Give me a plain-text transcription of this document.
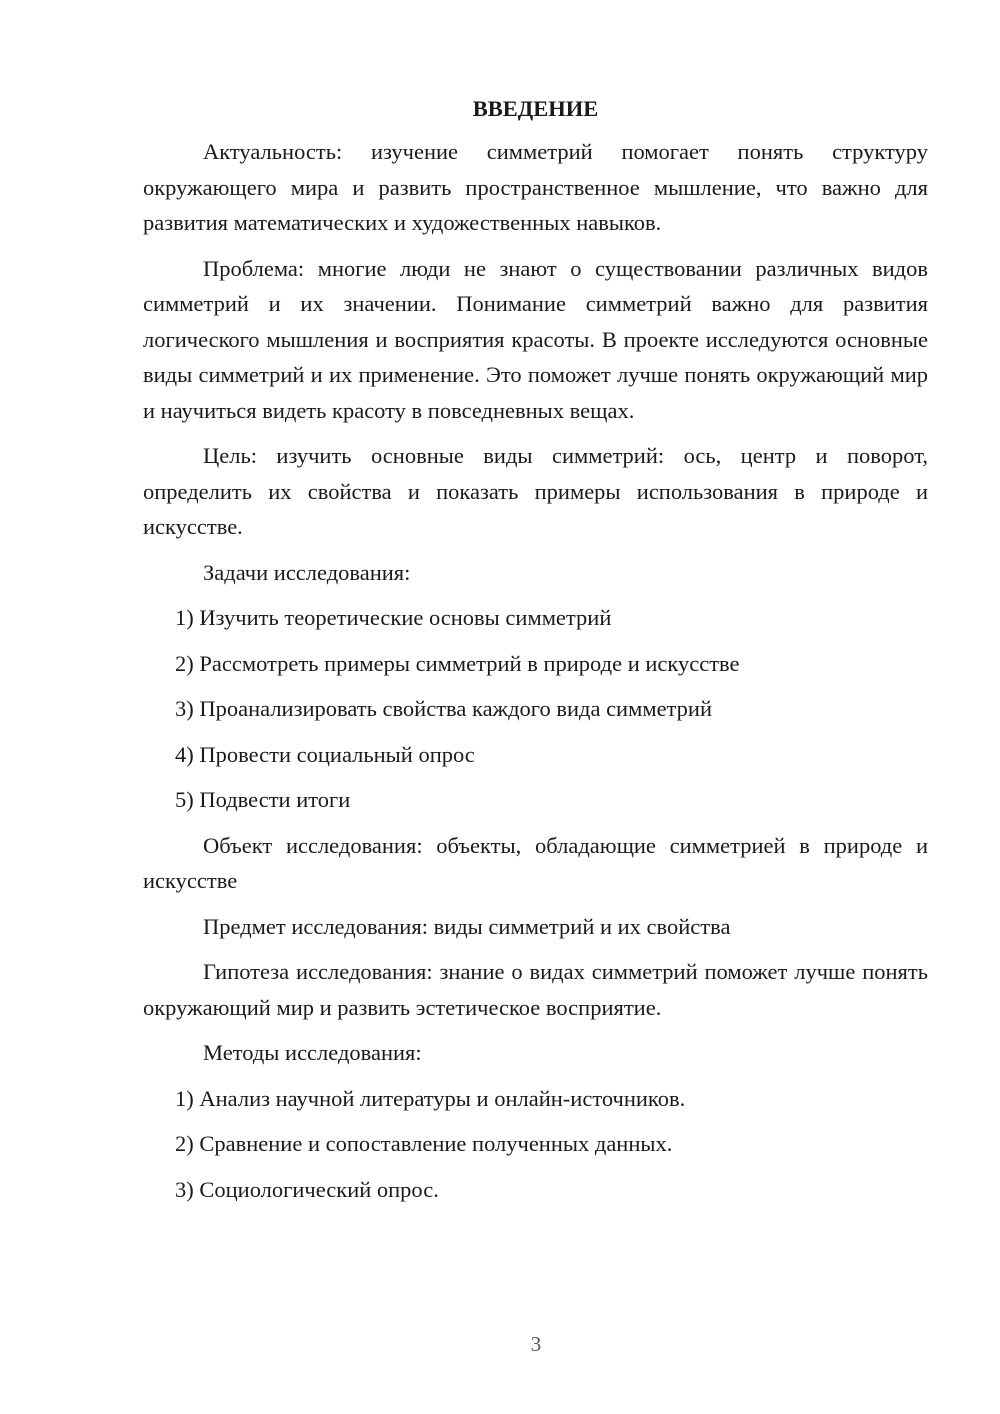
ВВЕДЕНИЕ

Актуальность: изучение симметрий помогает понять структуру окружающего мира и развить пространственное мышление, что важно для развития математических и художественных навыков.

Проблема: многие люди не знают о существовании различных видов симметрий и их значении. Понимание симметрий важно для развития логического мышления и восприятия красоты. В проекте исследуются основные виды симметрий и их применение. Это поможет лучше понять окружающий мир и научиться видеть красоту в повседневных вещах.

Цель: изучить основные виды симметрий: ось, центр и поворот, определить их свойства и показать примеры использования в природе и искусстве.

Задачи исследования:

1) Изучить теоретические основы симметрий
2) Рассмотреть примеры симметрий в природе и искусстве
3) Проанализировать свойства каждого вида симметрий
4) Провести социальный опрос
5) Подвести итоги

Объект исследования: объекты, обладающие симметрией в природе и искусстве

Предмет исследования: виды симметрий и их свойства

Гипотеза исследования: знание о видах симметрий поможет лучше понять окружающий мир и развить эстетическое восприятие.

Методы исследования:

1) Анализ научной литературы и онлайн-источников.
2) Сравнение и сопоставление полученных данных.
3) Социологический опрос.
3
